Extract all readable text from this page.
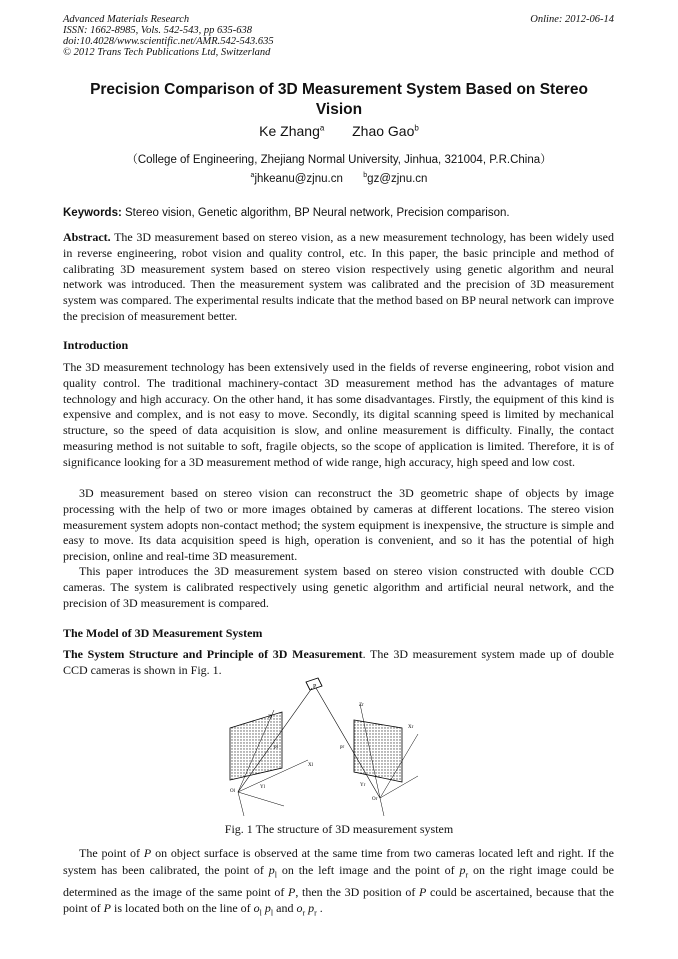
Advanced Materials Research
ISSN: 1662-8985, Vols. 542-543, pp 635-638
doi:10.4028/www.scientific.net/AMR.542-543.635
© 2012 Trans Tech Publications Ltd, Switzerland
Online: 2012-06-14
Precision Comparison of 3D Measurement System Based on Stereo Vision
Ke Zhang$^a$ Zhao Gao$^b$
（College of Engineering, Zhejiang Normal University, Jinhua, 321004, P.R.China）
$^a$jhkeanu@zjnu.cn	$^b$gz@zjnu.cn
Keywords: Stereo vision, Genetic algorithm, BP Neural network, Precision comparison.

Abstract. The 3D measurement based on stereo vision, as a new measurement technology, has been widely used in reverse engineering, robot vision and quality control, etc. In this paper, the basic principle and method of calibrating 3D measurement system based on stereo vision respectively using genetic algorithm and neural network was introduced. Then the measurement system was calibrated and the precision of 3D measurement system was compared. The experimental results indicate that the method based on BP neural network can improve the precision of measurement better.

Introduction

The 3D measurement technology has been extensively used in the fields of reverse engineering, robot vision and quality control. The traditional machinery-contact 3D measurement method has the advantages of mature technology and high accuracy. On the other hand, it has some disadvantages. Firstly, the equipment of this kind is expensive and complex, and is not easy to move. Secondly, its digital scanning speed is limited by mechanical structure, so the speed of data acquisition is slow, and online measurement is difficulty. Finally, the contact measuring method is not suitable to soft, fragile objects, so the scope of application is limited. Therefore, it is of significance looking for a 3D measurement method of wide range, high accuracy, high speed and low cost.

3D measurement based on stereo vision can reconstruct the 3D geometric shape of objects by image processing with the help of two or more images obtained by cameras at different locations. The stereo vision measurement system adopts non-contact method; the system equipment is inexpensive, the structure is simple and easy to move. Its data acquisition speed is high, operation is convenient, and so it has the potential of high precision, online and real-time 3D measurement.

This paper introduces the 3D measurement system based on stereo vision constructed with double CCD cameras. The system is calibrated respectively using genetic algorithm and artificial neural network, and the precision of 3D measurement is compared.

The Model of 3D Measurement System

The System Structure and Principle of 3D Measurement. The 3D measurement system made up of double CCD cameras is shown in Fig. 1.

P
Zl
Zr
Xl
Xr
Yl	Yr
Ol
Or
pl	pr
Fig. 1 The structure of 3D measurement system

The point of P on object surface is observed at the same time from two cameras located left and right. If the system has been calibrated, the point of $p_l$ on the left image and the point of $p_r$ on the right image could be determined as the image of the same point of P, then the 3D position of P could be ascertained, because that the point of P is located both on the line of $o_l$ $p_l$ and $o_r$ $p_r$ .
